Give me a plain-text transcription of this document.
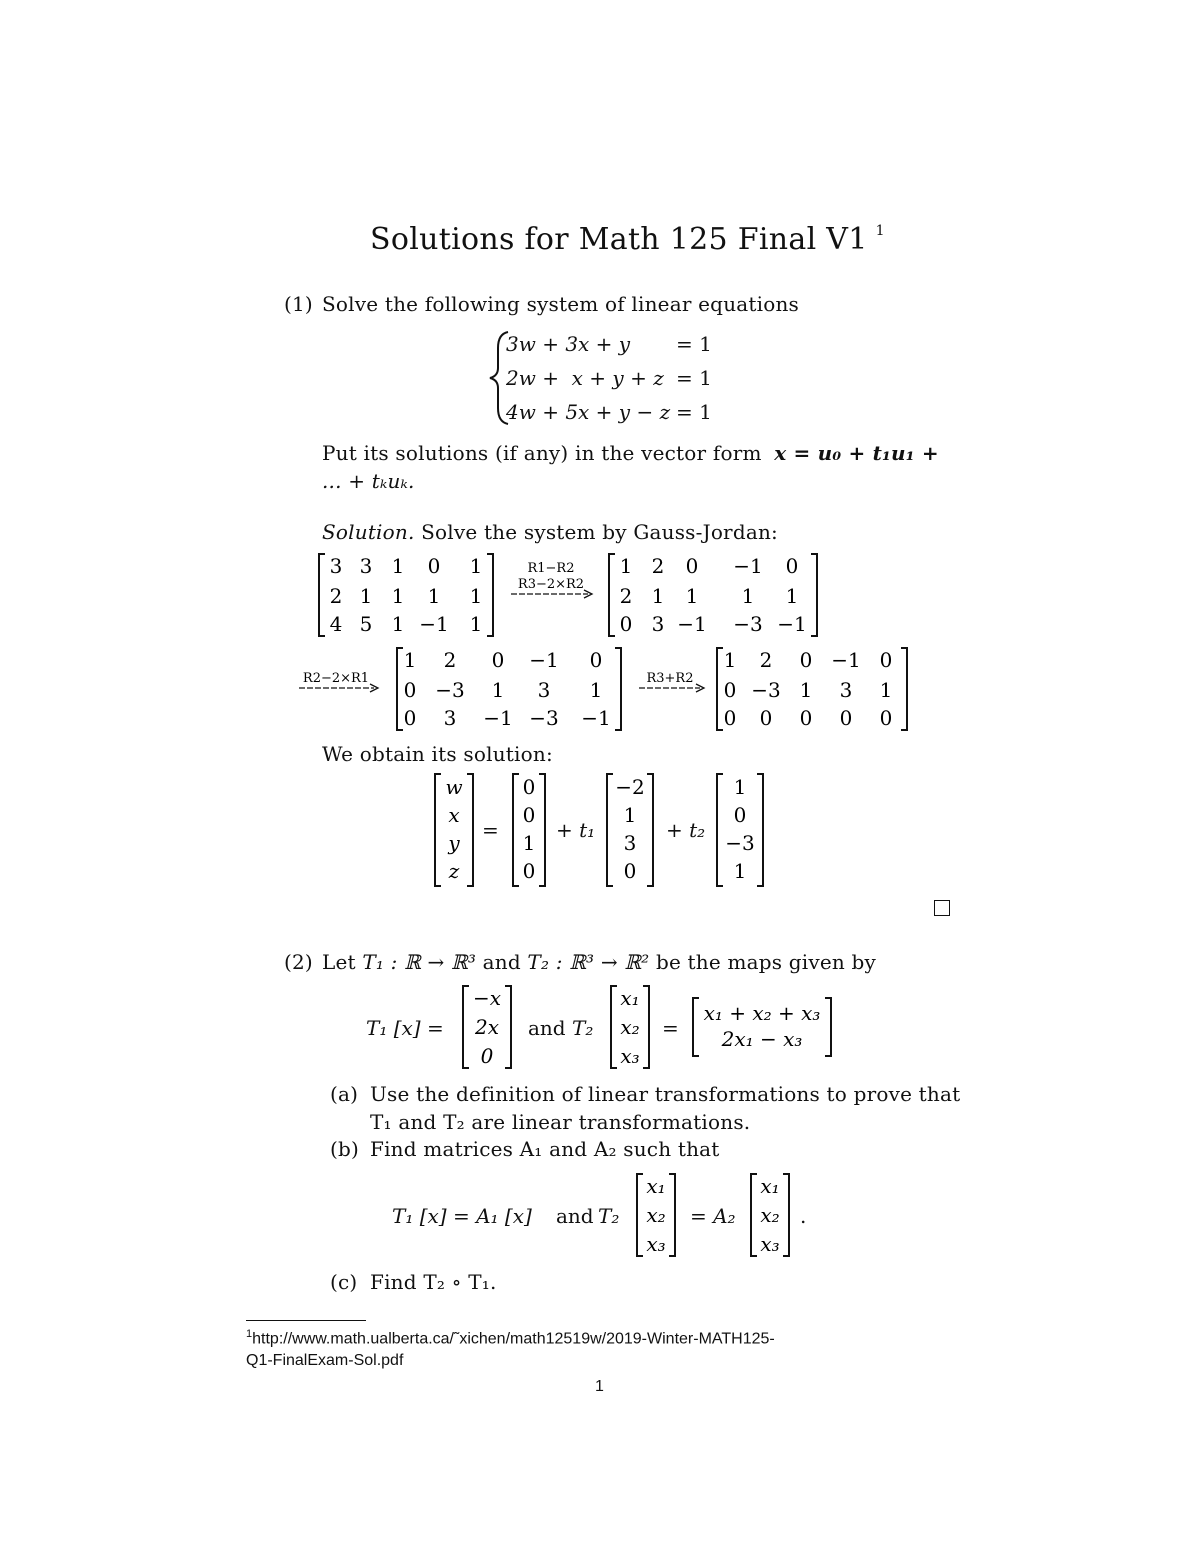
Solutions for Math 125 Final V1 $^1$
(1) Solve the following system of linear equations
3w + 3x + y = 1
2w +  x + y + z = 1
4w + 5x + y − z = 1
Put its solutions (if any) in the vector form x = u₀ + t₁u₁ +
... + tₖuₖ.
Solution. Solve the system by Gauss-Jordan:
3 3 1 0 1
2 1 1 1 1
4 5 1 −1 1
R1−R2
R3−2×R2
1 2 0 −1 0
2 1 1 1 1
0 3 −1 −3 −1
R2−2×R1
1 2 0 −1 0
0 −3 1 3 1
0 3 −1 −3 −1
R3+R2
1 2 0 −1 0
0 −3 1 3 1
0 0 0 0 0
We obtain its solution:
w
x
y
z
=
0
0
1
0
+ t₁
−2
1
3
0
+ t₂
1
0
−3
1
(2) Let T₁ : ℝ → ℝ³ and T₂ : ℝ³ → ℝ² be the maps given by
T₁ [x] =
−x
2x
0
and T₂
x₁
x₂
x₃
=
x₁ + x₂ + x₃
2x₁ − x₃
(a) Use the definition of linear transformations to prove that
T₁ and T₂ are linear transformations.
(b) Find matrices A₁ and A₂ such that
T₁ [x] = A₁ [x] and T₂
x₁
x₂
x₃
= A₂
x₁
x₂
x₃
.
(c) Find T₂ ∘ T₁.
$^1$http://www.math.ualberta.ca/˜xichen/math12519w/2019-Winter-MATH125-
Q1-FinalExam-Sol.pdf
1
